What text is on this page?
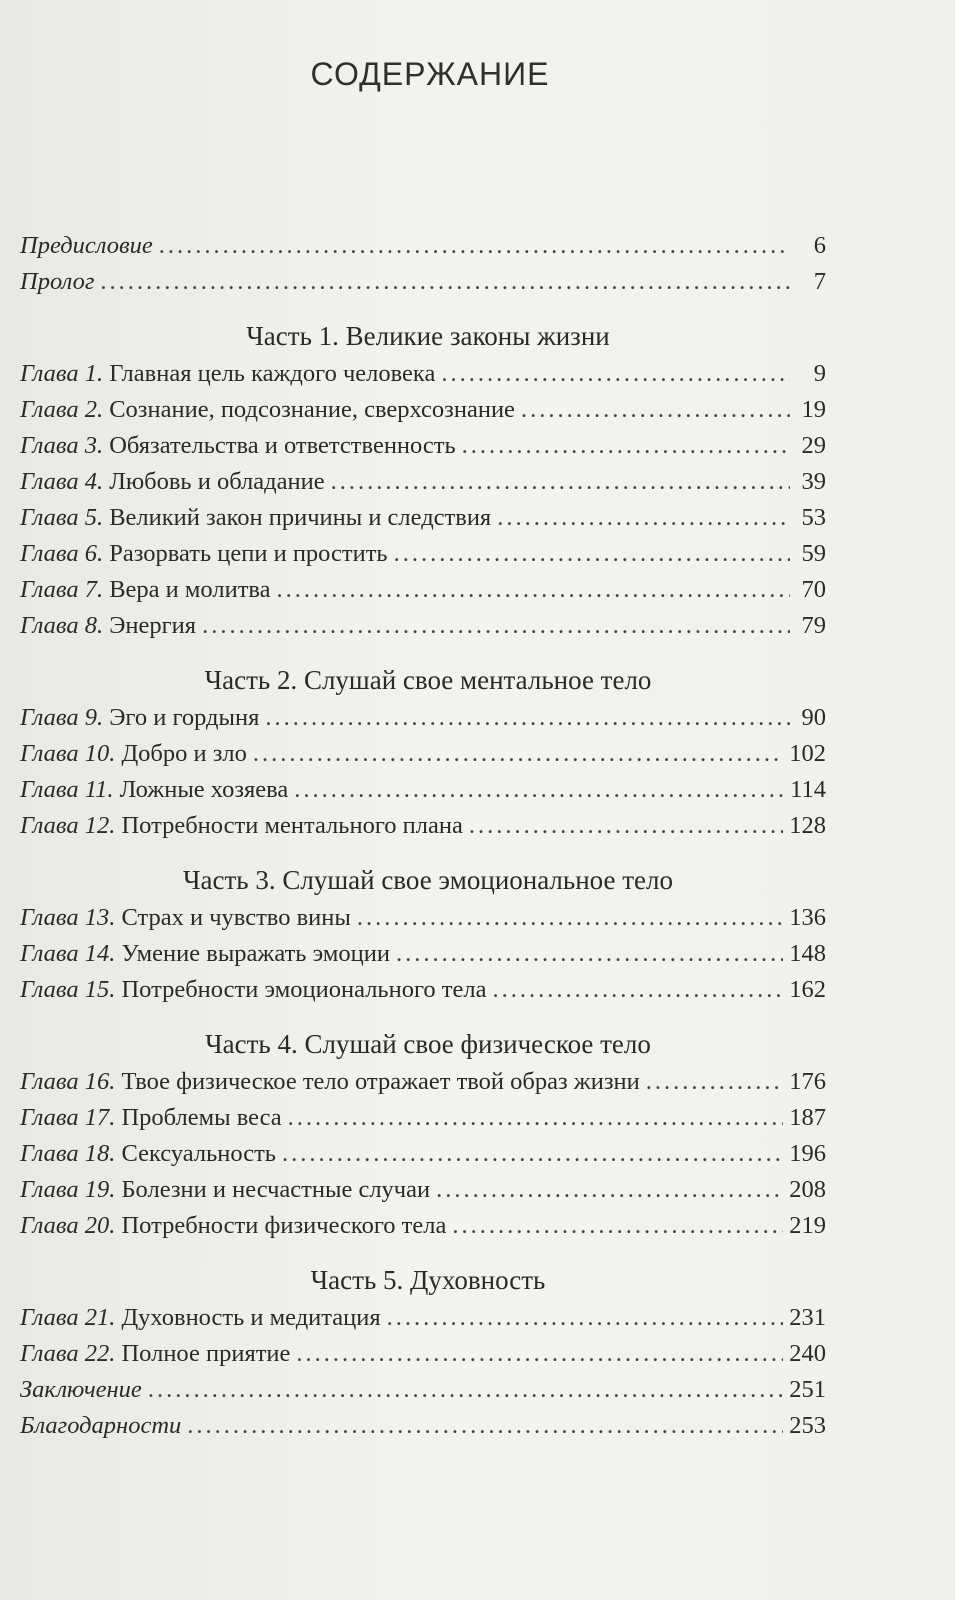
СОДЕРЖАНИЕ
Предисловие .....	6
Пролог .....	7
Часть 1. Великие законы жизни
Глава 1. Главная цель каждого человека .....	9
Глава 2. Сознание, подсознание, сверхсознание .....	19
Глава 3. Обязательства и ответственность .....	29
Глава 4. Любовь и обладание .....	39
Глава 5. Великий закон причины и следствия .....	53
Глава 6. Разорвать цепи и простить .....	59
Глава 7. Вера и молитва .....	70
Глава 8. Энергия .....	79
Часть 2. Слушай свое ментальное тело
Глава 9. Эго и гордыня .....	90
Глава 10. Добро и зло .....	102
Глава 11. Ложные хозяева .....	114
Глава 12. Потребности ментального плана .....	128
Часть 3. Слушай свое эмоциональное тело
Глава 13. Страх и чувство вины .....	136
Глава 14. Умение выражать эмоции .....	148
Глава 15. Потребности эмоционального тела .....	162
Часть 4. Слушай свое физическое тело
Глава 16. Твое физическое тело отражает твой образ жизни .....	176
Глава 17. Проблемы веса .....	187
Глава 18. Сексуальность .....	196
Глава 19. Болезни и несчастные случаи .....	208
Глава 20. Потребности физического тела .....	219
Часть 5. Духовность
Глава 21. Духовность и медитация .....	231
Глава 22. Полное приятие .....	240
Заключение .....	251
Благодарности .....	253
